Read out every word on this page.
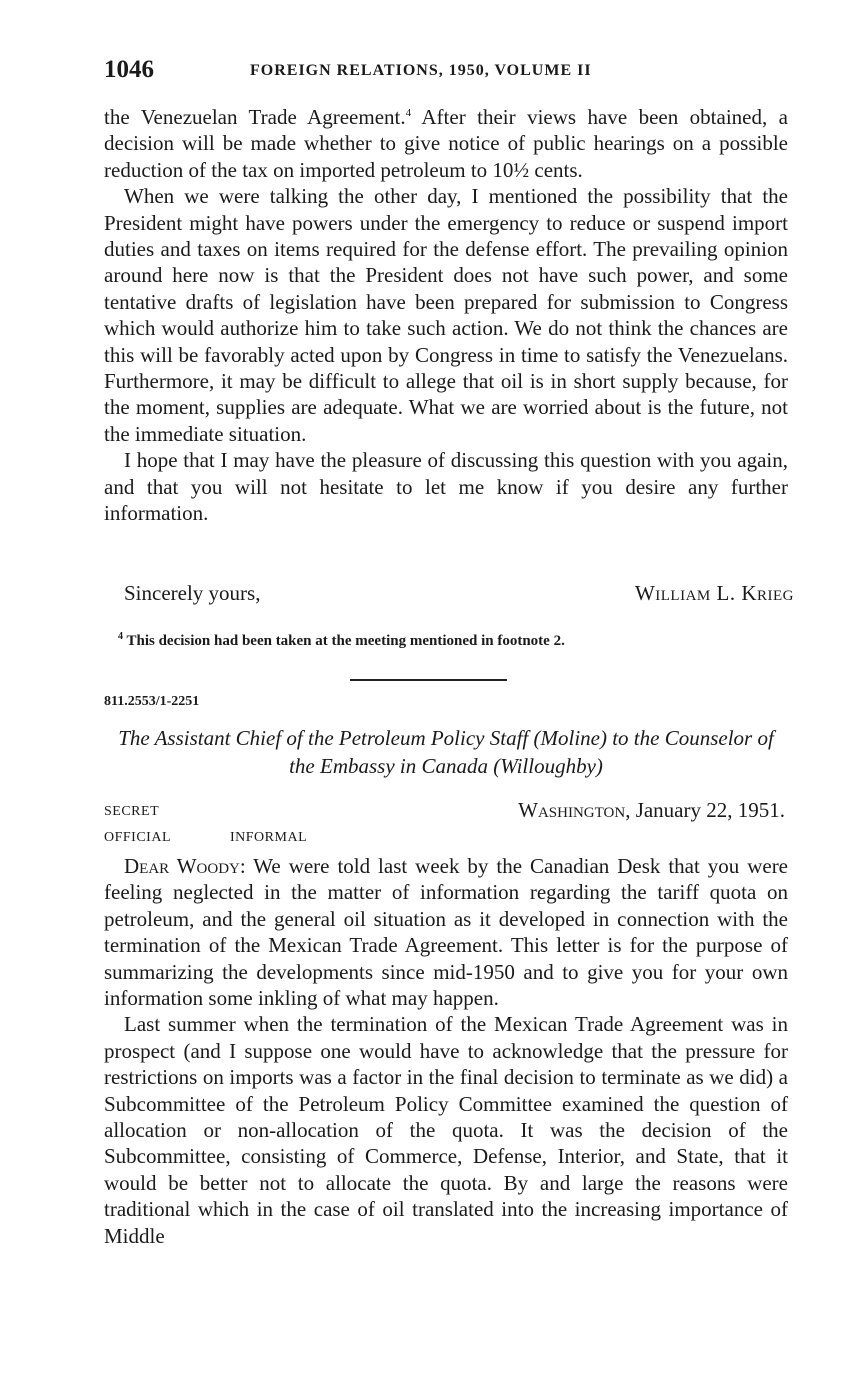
1046	FOREIGN RELATIONS, 1950, VOLUME II

the Venezuelan Trade Agreement.$^4$ After their views have been obtained, a decision will be made whether to give notice of public hearings on a possible reduction of the tax on imported petroleum to 10½ cents.

When we were talking the other day, I mentioned the possibility that the President might have powers under the emergency to reduce or suspend import duties and taxes on items required for the defense effort. The prevailing opinion around here now is that the President does not have such power, and some tentative drafts of legislation have been prepared for submission to Congress which would authorize him to take such action. We do not think the chances are this will be favorably acted upon by Congress in time to satisfy the Venezuelans. Furthermore, it may be difficult to allege that oil is in short supply because, for the moment, supplies are adequate. What we are worried about is the future, not the immediate situation.

I hope that I may have the pleasure of discussing this question with you again, and that you will not hesitate to let me know if you desire any further information.

Sincerely yours,	William L. Krieg
$^4$ This decision had been taken at the meeting mentioned in footnote 2.
811.2553/1-2251
The Assistant Chief of the Petroleum Policy Staff (Moline) to the Counselor of the Embassy in Canada (Willoughby)
SECRET	Washington, January 22, 1951.
OFFICIAL	INFORMAL

Dear Woody: We were told last week by the Canadian Desk that you were feeling neglected in the matter of information regarding the tariff quota on petroleum, and the general oil situation as it developed in connection with the termination of the Mexican Trade Agreement. This letter is for the purpose of summarizing the developments since mid-1950 and to give you for your own information some inkling of what may happen.

Last summer when the termination of the Mexican Trade Agreement was in prospect (and I suppose one would have to acknowledge that the pressure for restrictions on imports was a factor in the final decision to terminate as we did) a Subcommittee of the Petroleum Policy Committee examined the question of allocation or non-allocation of the quota. It was the decision of the Subcommittee, consisting of Commerce, Defense, Interior, and State, that it would be better not to allocate the quota. By and large the reasons were traditional which in the case of oil translated into the increasing importance of Middle
